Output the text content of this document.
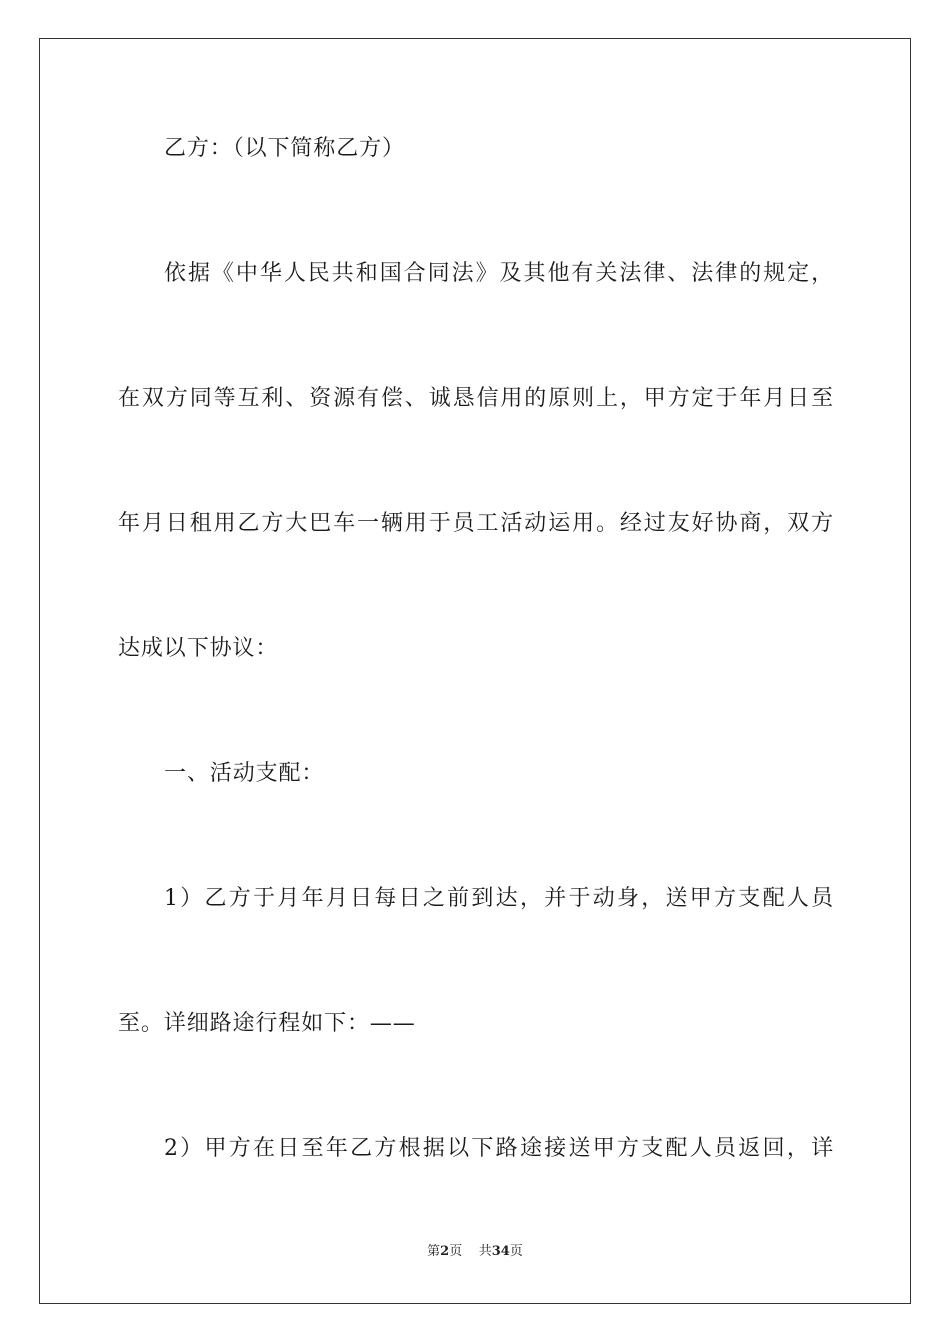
乙方：（以下简称乙方）
依据《中华人民共和国合同法》及其他有关法律、法律的规定，
在双方同等互利、资源有偿、诚恳信用的原则上，甲方定于年月日至
年月日租用乙方大巴车一辆用于员工活动运用。经过友好协商，双方
达成以下协议：
一、活动支配：
1）乙方于月年月日每日之前到达，并于动身，送甲方支配人员
至。详细路途行程如下：——
2）甲方在日至年乙方根据以下路途接送甲方支配人员返回，详
第2页 共34页
